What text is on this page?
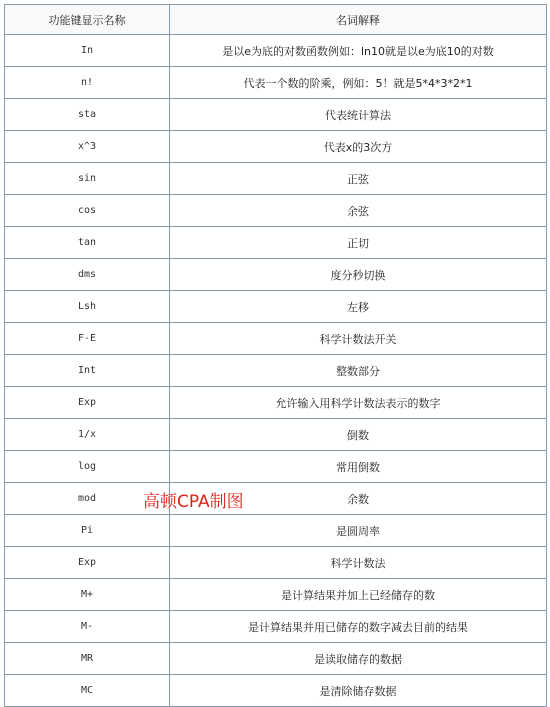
功能键显示名称	名词解释
In	是以e为底的对数函数例如：ln10就是以e为底10的对数
n!	代表一个数的阶乘，例如：5！就是5*4*3*2*1
sta	代表统计算法
x^3	代表x的3次方
sin	正弦
cos	余弦
tan	正切
dms	度分秒切换
Lsh	左移
F-E	科学计数法开关
Int	整数部分
Exp	允许输入用科学计数法表示的数字
1/x	倒数
log	常用倒数
mod	余数
Pi	是圆周率
Exp	科学计数法
M+	是计算结果并加上已经储存的数
M-	是计算结果并用已储存的数字减去目前的结果
MR	是读取储存的数据
MC	是清除储存数据
高顿CPA制图
